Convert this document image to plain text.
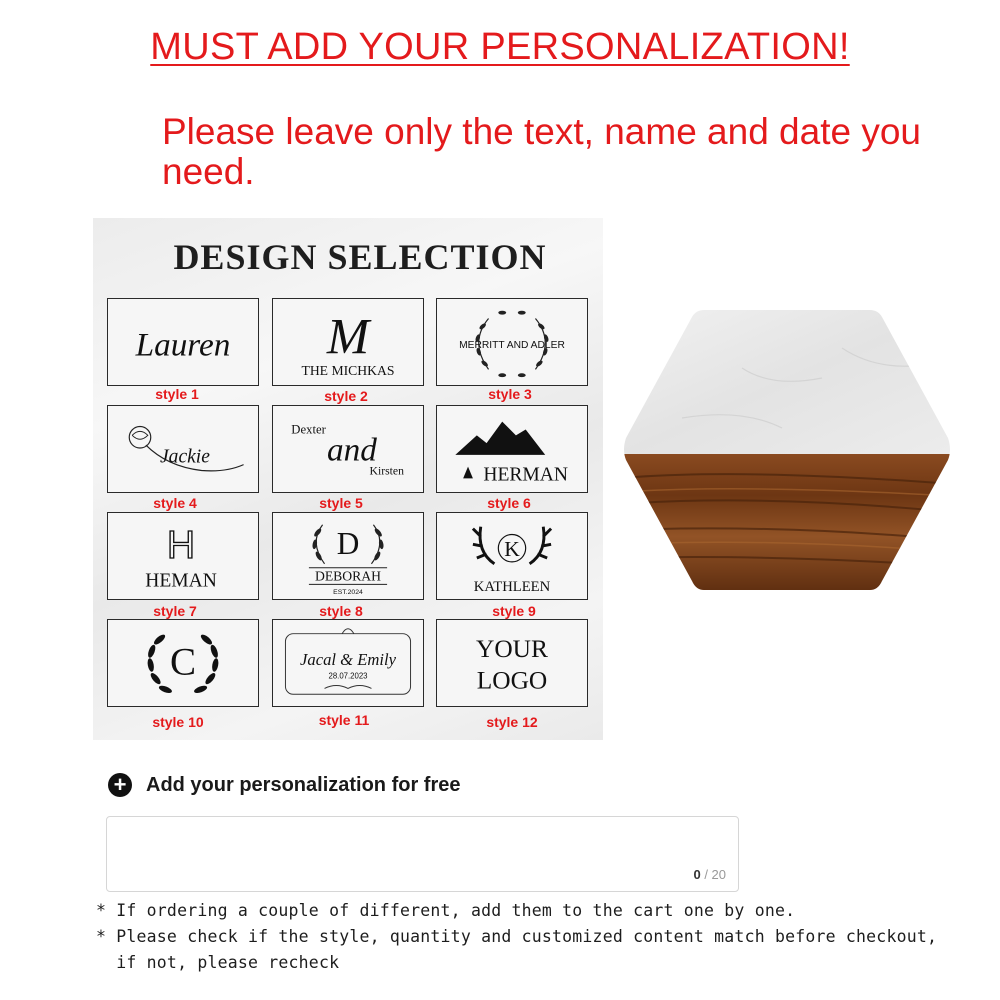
MUST ADD YOUR PERSONALIZATION!

Please leave only the text, name and date you need.

DESIGN SELECTION
Lauren
style 1
M
THE MICHKAS
style 2
MERRITT AND ADLER
style 3
Jackie
style 4
Dexter
and
Kirsten
style 5
HERMAN
style 6
H
HEMAN
style 7
D
DEBORAH
EST.2024
style 8
K
KATHLEEN
style 9
C
style 10
Jacal & Emily
28.07.2023
style 11
YOUR
LOGO
style 12
+ Add your personalization for free
0 / 20
* If ordering a couple of different, add them to the cart one by one.
* Please check if the style, quantity and customized content match before checkout,
if not, please recheck
